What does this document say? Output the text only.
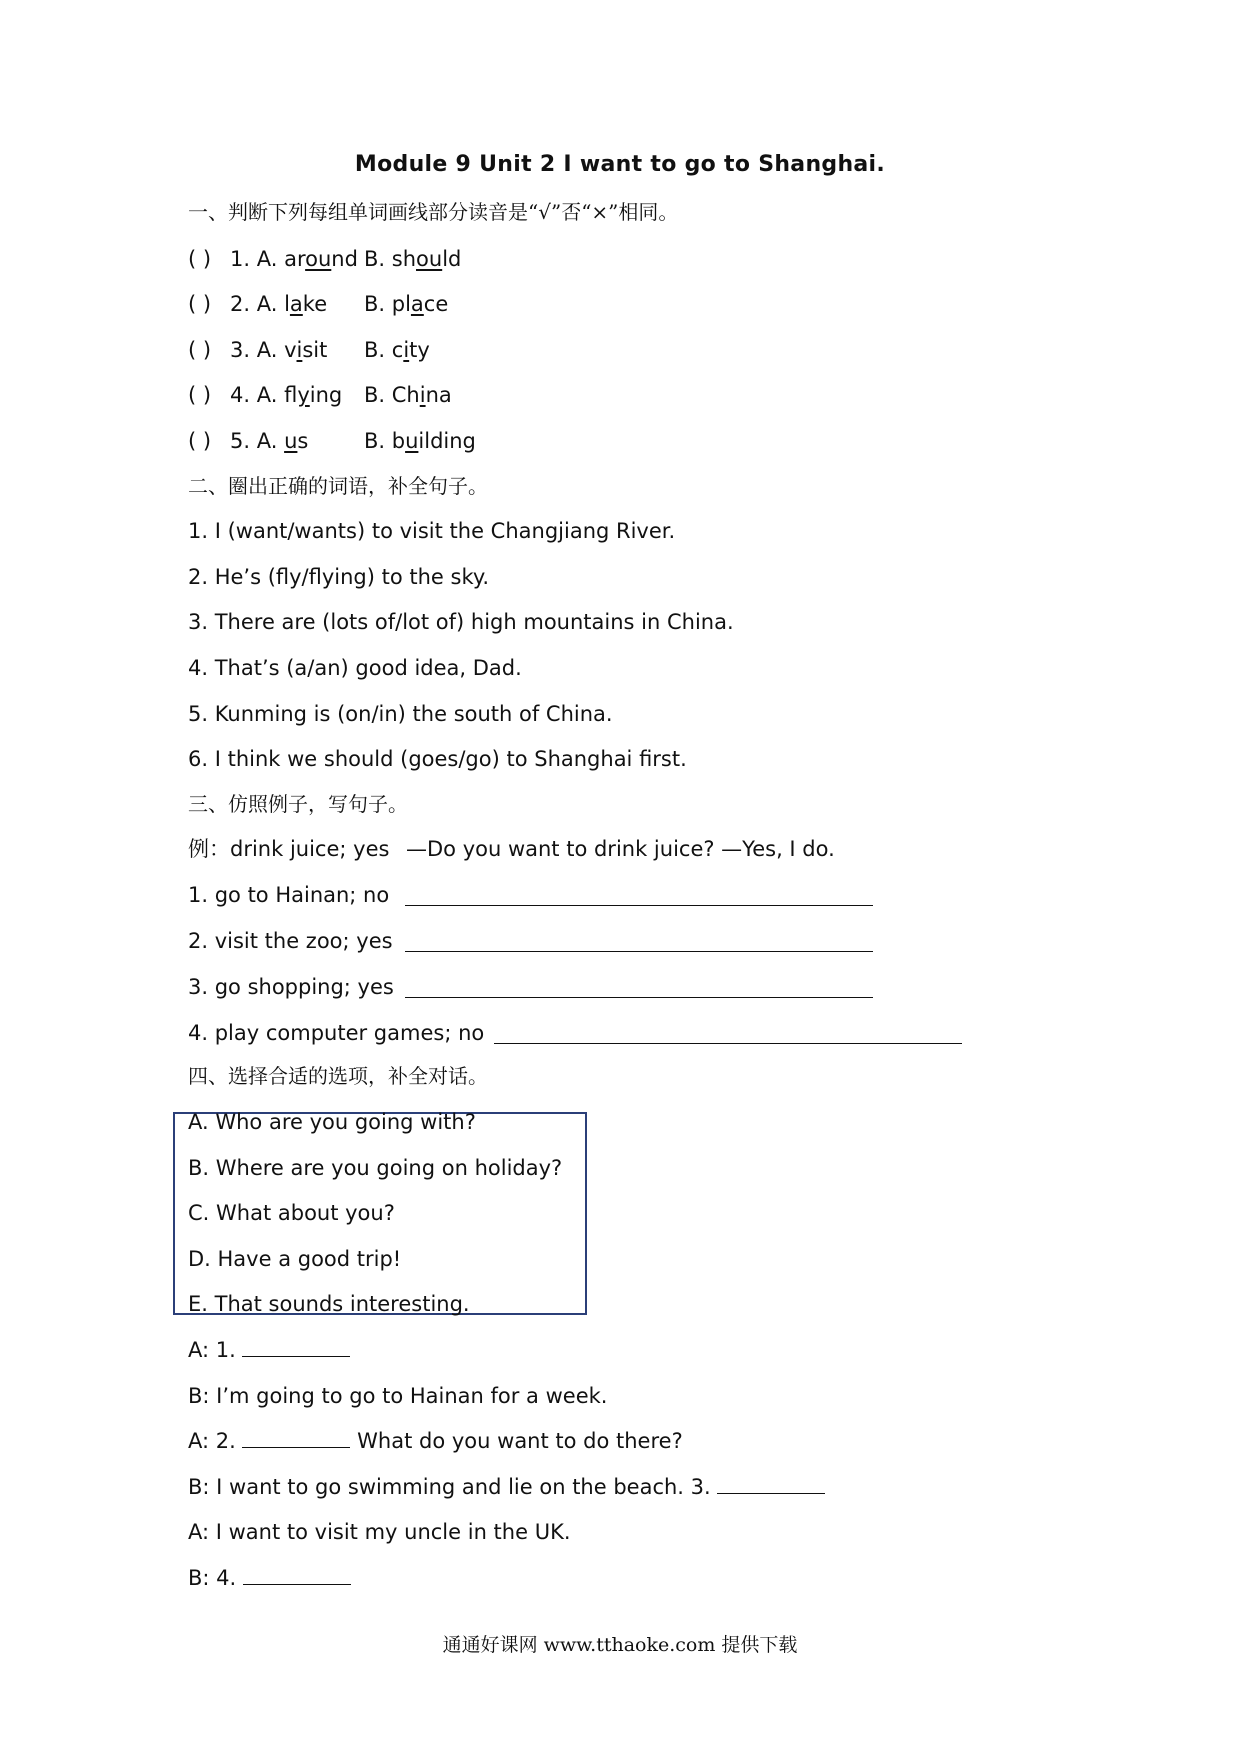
Module 9 Unit 2 I want to go to Shanghai.
一、判断下列每组单词画线部分读音是“√”否“×”相同。
( ) 1. A. around B. should
( ) 2. A. lake B. place
( ) 3. A. visit B. city
( ) 4. A. flying B. China
( ) 5. A. us	B. building
二、圈出正确的词语，补全句子。
1. I (want/wants) to visit the Changjiang River.
2. He’s (fly/flying) to the sky.
3. There are (lots of/lot of) high mountains in China.
4. That’s (a/an) good idea, Dad.
5. Kunming is (on/in) the south of China.
6. I think we should (goes/go) to Shanghai first.
三、仿照例子，写句子。
例：drink juice; yes —Do you want to drink juice? —Yes, I do.
1. go to Hainan; no
2. visit the zoo; yes
3. go shopping; yes
4. play computer games; no
四、选择合适的选项，补全对话。
A. Who are you going with?
B. Where are you going on holiday?
C. What about you?
D. Have a good trip!
E. That sounds interesting.
A: 1.
B: I’m going to go to Hainan for a week.
A: 2.	What do you want to do there?
B: I want to go swimming and lie on the beach. 3.
A: I want to visit my uncle in the UK.
B: 4.
通通好课网 www.tthaoke.com 提供下载
